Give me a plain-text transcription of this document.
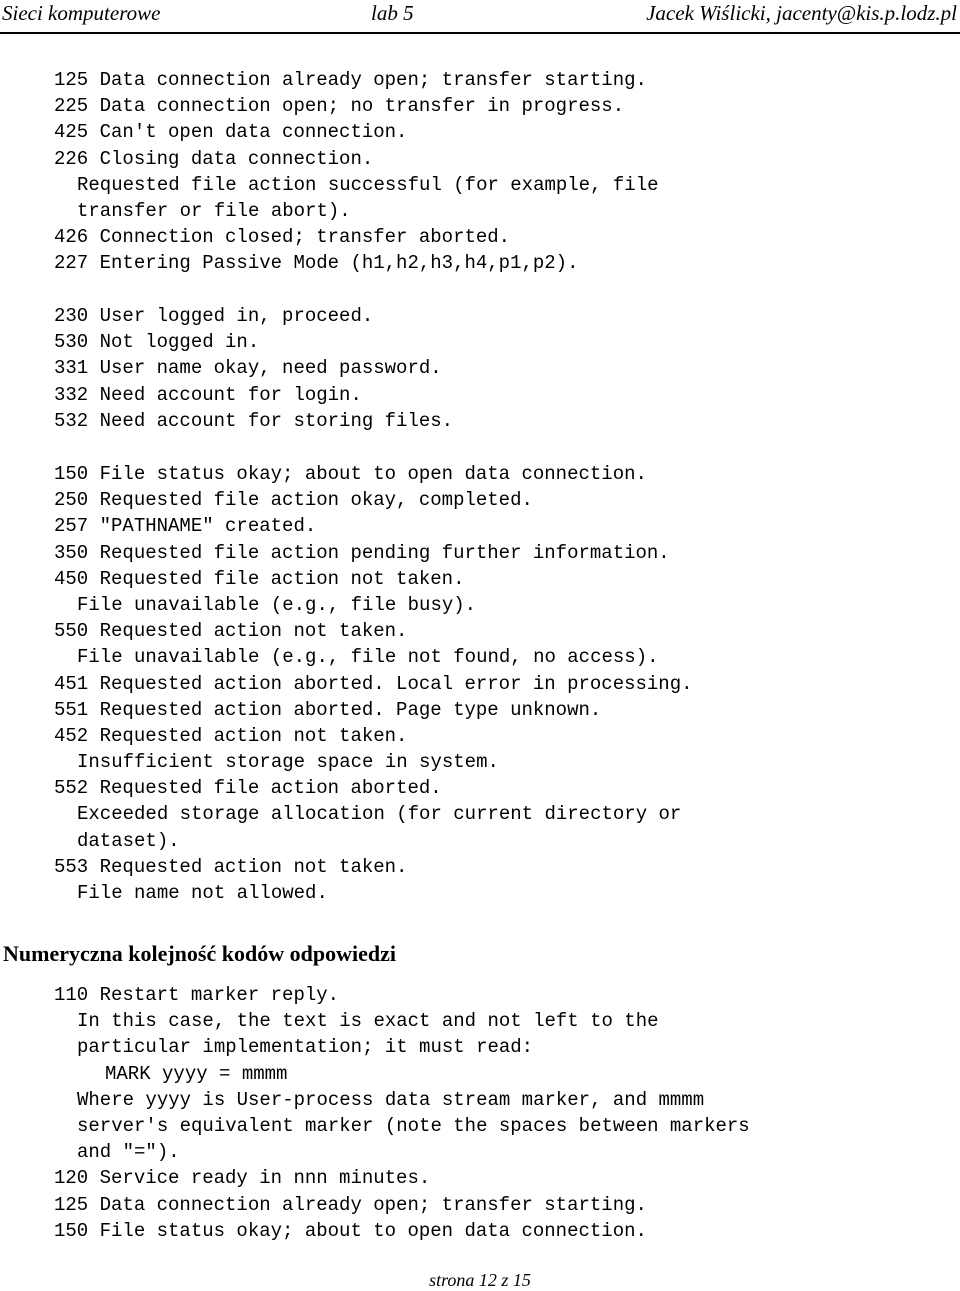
Sieci komputerowe	lab 5	Jacek Wiślicki, jacenty@kis.p.lodz.pl
125 Data connection already open; transfer starting.
225 Data connection open; no transfer in progress.
425 Can't open data connection.
226 Closing data connection.
Requested file action successful (for example, file
transfer or file abort).
426 Connection closed; transfer aborted.
227 Entering Passive Mode (h1,h2,h3,h4,p1,p2).
230 User logged in, proceed.
530 Not logged in.
331 User name okay, need password.
332 Need account for login.
532 Need account for storing files.
150 File status okay; about to open data connection.
250 Requested file action okay, completed.
257 "PATHNAME" created.
350 Requested file action pending further information.
450 Requested file action not taken.
File unavailable (e.g., file busy).
550 Requested action not taken.
File unavailable (e.g., file not found, no access).
451 Requested action aborted. Local error in processing.
551 Requested action aborted. Page type unknown.
452 Requested action not taken.
Insufficient storage space in system.
552 Requested file action aborted.
Exceeded storage allocation (for current directory or
dataset).
553 Requested action not taken.
File name not allowed.
Numeryczna kolejność kodów odpowiedzi
110 Restart marker reply.
In this case, the text is exact and not left to the
particular implementation; it must read:
MARK yyyy = mmmm
Where yyyy is User-process data stream marker, and mmmm
server's equivalent marker (note the spaces between markers
and "=").
120 Service ready in nnn minutes.
125 Data connection already open; transfer starting.
150 File status okay; about to open data connection.
strona 12 z 15
